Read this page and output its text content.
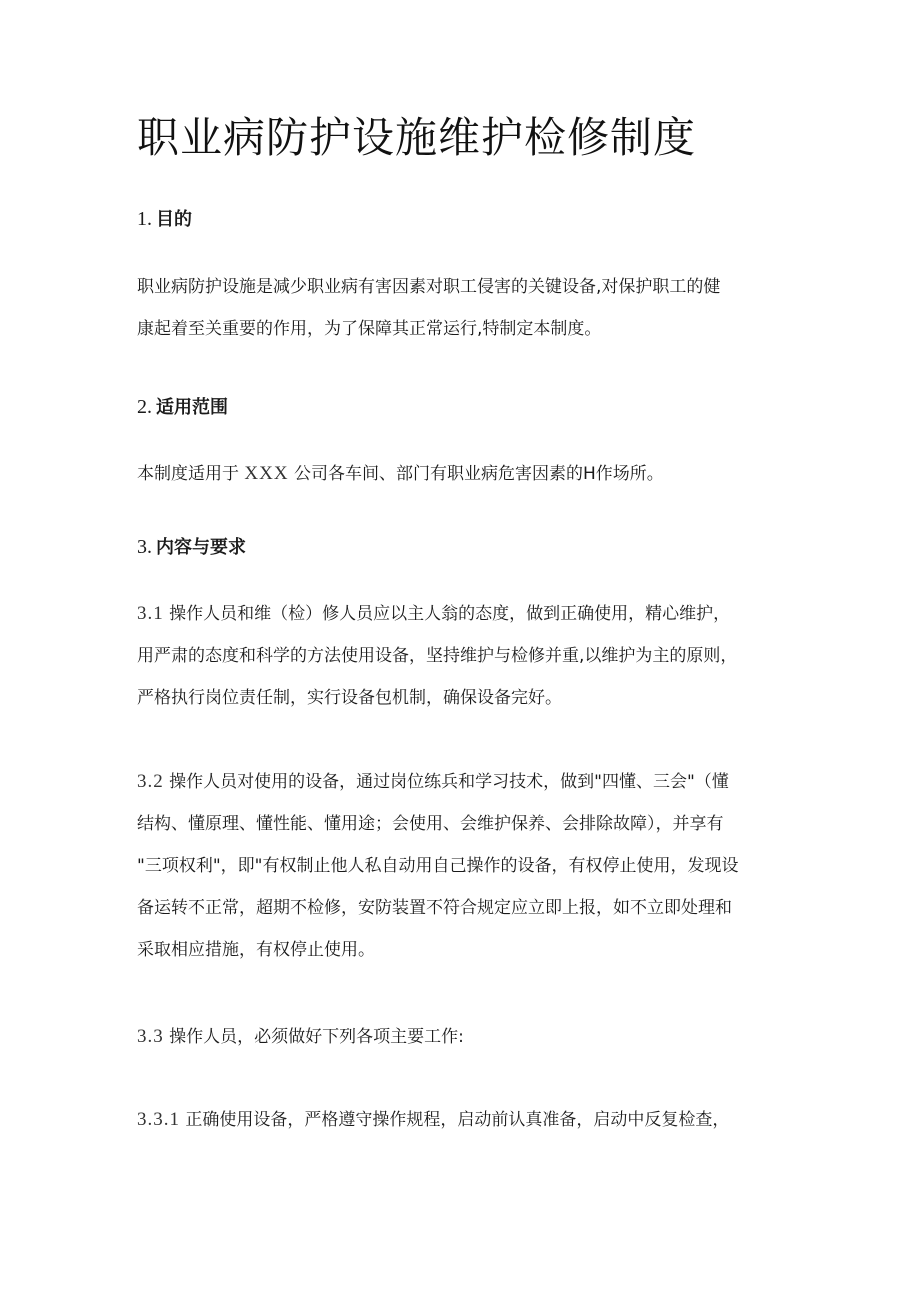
职业病防护设施维护检修制度
1. 目的
职业病防护设施是减少职业病有害因素对职工侵害的关键设备,对保护职工的健
康起着至关重要的作用，为了保障其正常运行,特制定本制度。
2. 适用范围
本制度适用于 XXX 公司各车间、部门有职业病危害因素的H作场所。
3. 内容与要求
3.1 操作人员和维（检）修人员应以主人翁的态度，做到正确使用，精心维护，
用严肃的态度和科学的方法使用设备，坚持维护与检修并重,以维护为主的原则，
严格执行岗位责任制，实行设备包机制，确保设备完好。
3.2 操作人员对使用的设备，通过岗位练兵和学习技术，做到"四懂、三会"（懂
结构、懂原理、懂性能、懂用途；会使用、会维护保养、会排除故障），并享有
"三项权利"，即"有权制止他人私自动用自己操作的设备，有权停止使用，发现设
备运转不正常，超期不检修，安防装置不符合规定应立即上报，如不立即处理和
采取相应措施，有权停止使用。
3.3 操作人员，必须做好下列各项主要工作:
3.3.1 正确使用设备，严格遵守操作规程，启动前认真准备，启动中反复检查，
